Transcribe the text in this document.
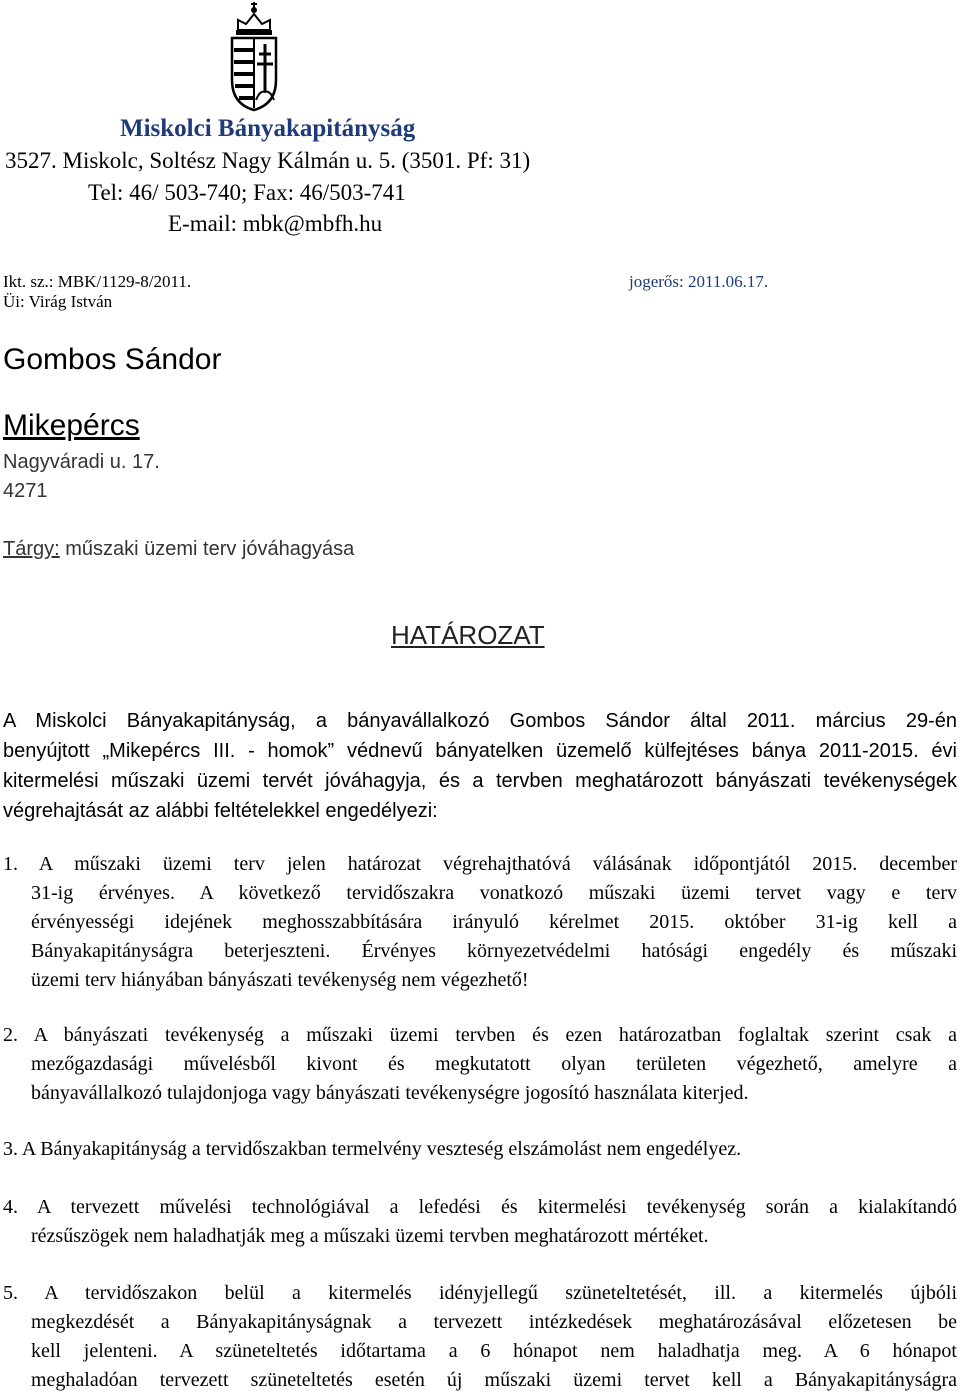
Miskolci Bányakapitányság
3527. Miskolc, Soltész Nagy Kálmán u. 5. (3501. Pf: 31)
Tel: 46/ 503-740; Fax: 46/503-741
E-mail: mbk@mbfh.hu
Ikt. sz.: MBK/1129-8/2011.
Üi: Virág István
jogerős: 2011.06.17.
Gombos Sándor
Mikepércs
Nagyváradi u. 17.
4271
Tárgy: műszaki üzemi terv jóváhagyása
HATÁROZAT
A Miskolci Bányakapitányság, a bányavállalkozó Gombos Sándor által 2011. március 29-én
benyújtott „Mikepércs III. - homok” védnevű bányatelken üzemelő külfejtéses bánya 2011-2015. évi
kitermelési műszaki üzemi tervét jóváhagyja, és a tervben meghatározott bányászati tevékenységek
végrehajtását az alábbi feltételekkel engedélyezi:
1. A műszaki üzemi terv jelen határozat végrehajthatóvá válásának időpontjától 2015. december
31-ig érvényes. A következő tervidőszakra vonatkozó műszaki üzemi tervet vagy e terv
érvényességi idejének meghosszabbítására irányuló kérelmet 2015. október 31-ig kell a
Bányakapitányságra beterjeszteni. Érvényes környezetvédelmi hatósági engedély és műszaki
üzemi terv hiányában bányászati tevékenység nem végezhető!
2. A bányászati tevékenység a műszaki üzemi tervben és ezen határozatban foglaltak szerint csak a
mezőgazdasági művelésből kivont és megkutatott olyan területen végezhető, amelyre a
bányavállalkozó tulajdonjoga vagy bányászati tevékenységre jogosító használata kiterjed.
3. A Bányakapitányság a tervidőszakban termelvény veszteség elszámolást nem engedélyez.
4. A tervezett művelési technológiával a lefedési és kitermelési tevékenység során a kialakítandó
rézsűszögek nem haladhatják meg a műszaki üzemi tervben meghatározott mértéket.
5. A tervidőszakon belül a kitermelés idényjellegű szüneteltetését, ill. a kitermelés újbóli
megkezdését a Bányakapitányságnak a tervezett intézkedések meghatározásával előzetesen be
kell jelenteni. A szüneteltetés időtartama a 6 hónapot nem haladhatja meg. A 6 hónapot
meghaladóan tervezett szüneteltetés esetén új műszaki üzemi tervet kell a Bányakapitányságra
